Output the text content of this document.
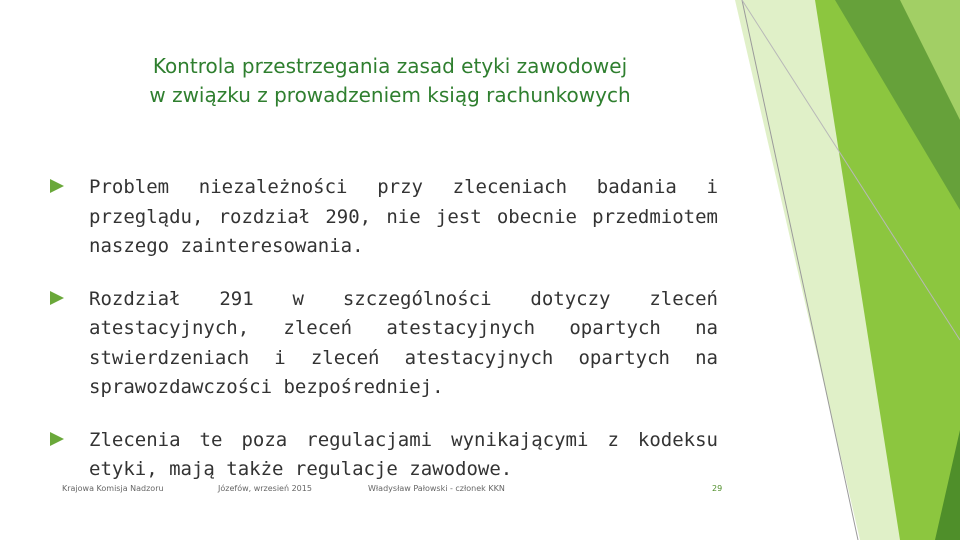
Kontrola przestrzegania zasad etyki zawodowej
w związku z prowadzeniem ksiąg rachunkowych
Problem niezależności przy zleceniach badania i przeglądu, rozdział 290, nie jest obecnie przedmiotem naszego zainteresowania.
Rozdział 291 w szczególności dotyczy zleceń atestacyjnych, zleceń atestacyjnych opartych na stwierdzeniach i zleceń atestacyjnych opartych na sprawozdawczości bezpośredniej.
Zlecenia te poza regulacjami wynikającymi z kodeksu etyki, mają także regulacje zawodowe.
Krajowa Komisja Nadzoru	Józefów, wrzesień 2015	Władysław Pałowski - członek KKN	29
